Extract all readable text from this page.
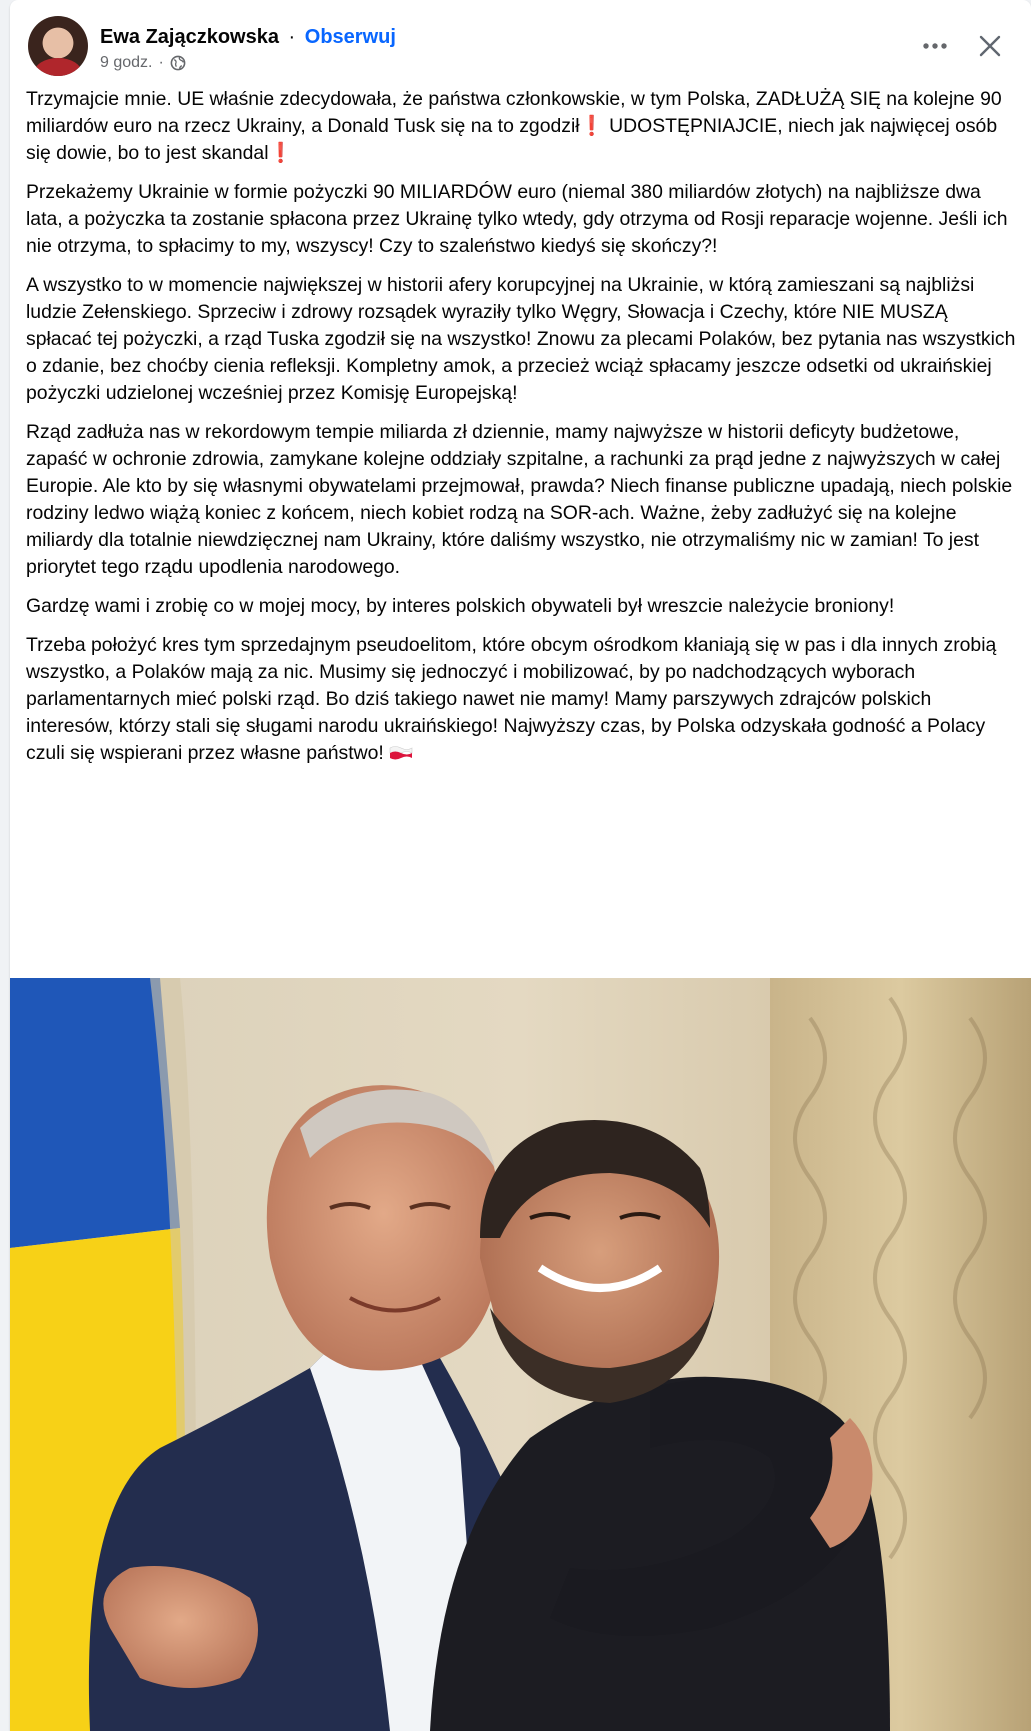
Ewa Zajączkowska · Obserwuj
9 godz. ·

Trzymajcie mnie. UE właśnie zdecydowała, że państwa członkowskie, w tym Polska, ZADŁUŻĄ SIĘ na kolejne 90 miliardów euro na rzecz Ukrainy, a Donald Tusk się na to zgodził❗ UDOSTĘPNIAJCIE, niech jak najwięcej osób się dowie, bo to jest skandal❗

Przekażemy Ukrainie w formie pożyczki 90 MILIARDÓW euro (niemal 380 miliardów złotych) na najbliższe dwa lata, a pożyczka ta zostanie spłacona przez Ukrainę tylko wtedy, gdy otrzyma od Rosji reparacje wojenne. Jeśli ich nie otrzyma, to spłacimy to my, wszyscy! Czy to szaleństwo kiedyś się skończy?!

A wszystko to w momencie największej w historii afery korupcyjnej na Ukrainie, w którą zamieszani są najbliżsi ludzie Zełenskiego. Sprzeciw i zdrowy rozsądek wyraziły tylko Węgry, Słowacja i Czechy, które NIE MUSZĄ spłacać tej pożyczki, a rząd Tuska zgodził się na wszystko! Znowu za plecami Polaków, bez pytania nas wszystkich o zdanie, bez choćby cienia refleksji. Kompletny amok, a przecież wciąż spłacamy jeszcze odsetki od ukraińskiej pożyczki udzielonej wcześniej przez Komisję Europejską!

Rząd zadłuża nas w rekordowym tempie miliarda zł dziennie, mamy najwyższe w historii deficyty budżetowe, zapaść w ochronie zdrowia, zamykane kolejne oddziały szpitalne, a rachunki za prąd jedne z najwyższych w całej Europie. Ale kto by się własnymi obywatelami przejmował, prawda? Niech finanse publiczne upadają, niech polskie rodziny ledwo wiążą koniec z końcem, niech kobiet rodzą na SOR-ach. Ważne, żeby zadłużyć się na kolejne miliardy dla totalnie niewdzięcznej nam Ukrainy, które daliśmy wszystko, nie otrzymaliśmy nic w zamian! To jest priorytet tego rządu upodlenia narodowego.

Gardzę wami i zrobię co w mojej mocy, by interes polskich obywateli był wreszcie należycie broniony!

Trzeba położyć kres tym sprzedajnym pseudoelitom, które obcym ośrodkom kłaniają się w pas i dla innych zrobią wszystko, a Polaków mają za nic. Musimy się jednoczyć i mobilizować, by po nadchodzących wyborach parlamentarnych mieć polski rząd. Bo dziś takiego nawet nie mamy! Mamy parszywych zdrajców polskich interesów, którzy stali się sługami narodu ukraińskiego! Najwyższy czas, by Polska odzyskała godność a Polacy czuli się wspierani przez własne państwo!
